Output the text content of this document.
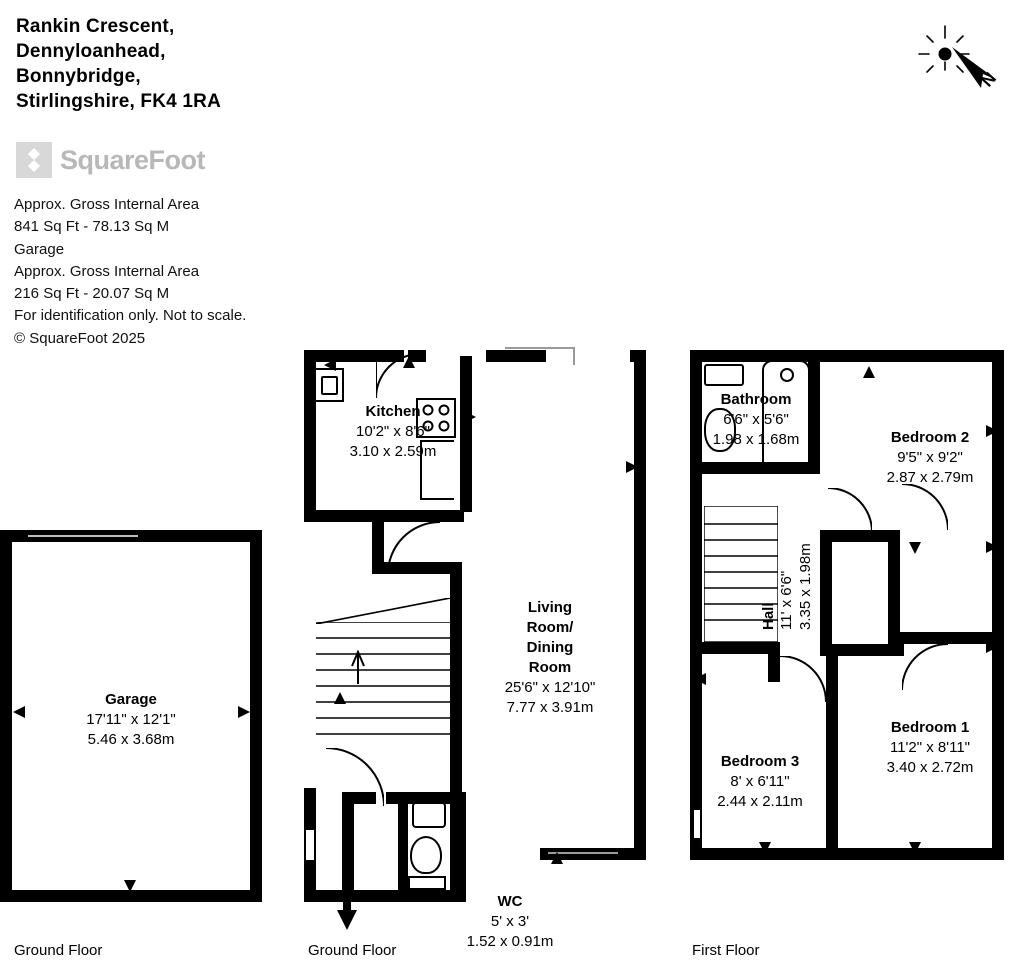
Rankin Crescent,
Dennyloanhead,
Bonnybridge,
Stirlingshire, FK4 1RA
SquareFoot
Approx. Gross Internal Area
841 Sq Ft - 78.13 Sq M
Garage
Approx. Gross Internal Area
216 Sq Ft - 20.07 Sq M
For identification only. Not to scale.
© SquareFoot 2025
N
Garage
17'11" x 12'1"
5.46 x 3.68m
Ground Floor
Kitchen
10'2" x 8'6"
3.10 x 2.59m
Living
Room/
Dining
Room
25'6" x 12'10"
7.77 x 3.91m
Vestibule
WC
5' x 3'
1.52 x 0.91m
Ground Floor
Bathroom
6'6" x 5'6"
1.98 x 1.68m	Bedroom 2
9'5" x 9'2"
2.87 x 2.79m
Bedroom 1
11'2" x 8'11"
3.40 x 2.72m
Bedroom 3
8' x 6'11"
2.44 x 2.11m
Hall 11' x 6'6" 3.35 x 1.98m
First Floor
